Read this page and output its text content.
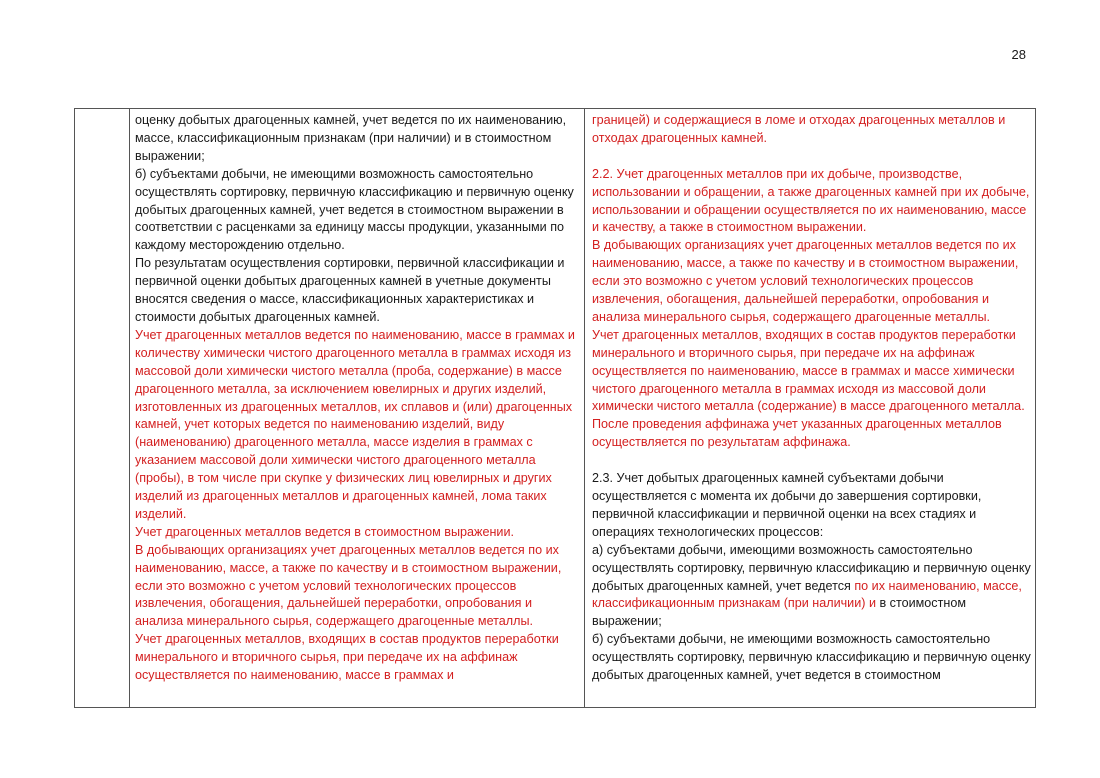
28

оценку добытых драгоценных камней, учет ведется по их наименованию, массе, классификационным признакам (при наличии) и в стоимостном выражении;

б) субъектами добычи, не имеющими возможность самостоятельно осуществлять сортировку, первичную классификацию и первичную оценку добытых драгоценных камней, учет ведется в стоимостном выражении в соответствии с расценками за единицу массы продукции, указанными по каждому месторождению отдельно.

По результатам осуществления сортировки, первичной классификации и первичной оценки добытых драгоценных камней в учетные документы вносятся сведения о массе, классификационных характеристиках и стоимости добытых драгоценных камней.

Учет драгоценных металлов ведется по наименованию, массе в граммах и количеству химически чистого драгоценного металла в граммах исходя из массовой доли химически чистого металла (проба, содержание) в массе драгоценного металла, за исключением ювелирных и других изделий, изготовленных из драгоценных металлов, их сплавов и (или) драгоценных камней, учет которых ведется по наименованию изделий, виду (наименованию) драгоценного металла, массе изделия в граммах с указанием массовой доли химически чистого драгоценного металла (пробы), в том числе при скупке у физических лиц ювелирных и других изделий из драгоценных металлов и драгоценных камней, лома таких изделий.

Учет драгоценных металлов ведется в стоимостном выражении.

В добывающих организациях учет драгоценных металлов ведется по их наименованию, массе, а также по качеству и в стоимостном выражении, если это возможно с учетом условий технологических процессов извлечения, обогащения, дальнейшей переработки, опробования и анализа минерального сырья, содержащего драгоценные металлы.

Учет драгоценных металлов, входящих в состав продуктов переработки минерального и вторичного сырья, при передаче их на аффинаж осуществляется по наименованию, массе в граммах и

границей) и содержащиеся в ломе и отходах драгоценных металлов и отходах драгоценных камней.

2.2. Учет драгоценных металлов при их добыче, производстве, использовании и обращении, а также драгоценных камней при их добыче, использовании и обращении осуществляется по их наименованию, массе и качеству, а также в стоимостном выражении.

В добывающих организациях учет драгоценных металлов ведется по их наименованию, массе, а также по качеству и в стоимостном выражении, если это возможно с учетом условий технологических процессов извлечения, обогащения, дальнейшей переработки, опробования и анализа минерального сырья, содержащего драгоценные металлы.

Учет драгоценных металлов, входящих в состав продуктов переработки минерального и вторичного сырья, при передаче их на аффинаж осуществляется по наименованию, массе в граммах и массе химически чистого драгоценного металла в граммах исходя из массовой доли химически чистого металла (содержание) в массе драгоценного металла. После проведения аффинажа учет указанных драгоценных металлов осуществляется по результатам аффинажа.

2.3. Учет добытых драгоценных камней субъектами добычи осуществляется с момента их добычи до завершения сортировки, первичной классификации и первичной оценки на всех стадиях и операциях технологических процессов:

а) субъектами добычи, имеющими возможность самостоятельно осуществлять сортировку, первичную классификацию и первичную оценку добытых драгоценных камней, учет ведется по их наименованию, массе, классификационным признакам (при наличии) и в стоимостном выражении;

б) субъектами добычи, не имеющими возможность самостоятельно осуществлять сортировку, первичную классификацию и первичную оценку добытых драгоценных камней, учет ведется в стоимостном
